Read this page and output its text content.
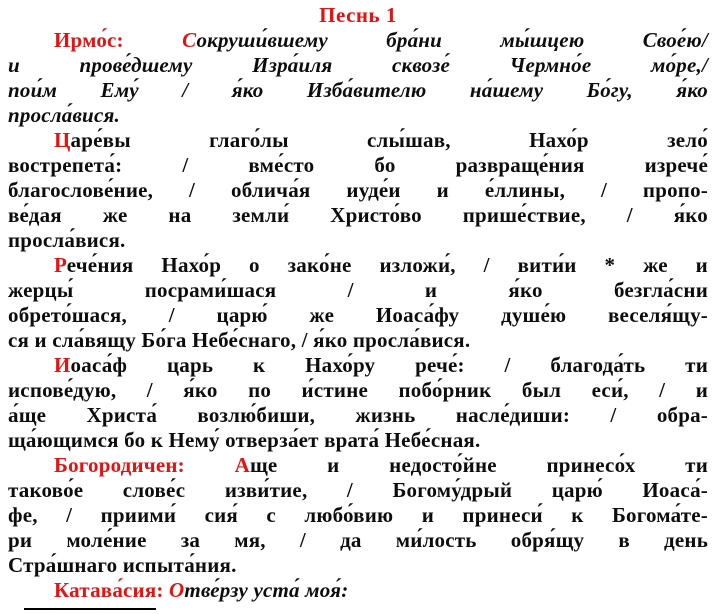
Песнь 1
Ирмо́с: Сокруши́вшему бра́ни мы́шцею Свое́ю/
и прове́дшему Изра́иля сквозе́ Чермно́е мо́ре,/
пои́м Ему́ / я́ко Изба́вителю на́шему Бо́гу, я́ко
просла́вися.
Царе́вы глаго́лы слы́шав, Нахо́р зело́
вострепета́: / вме́сто бо развраще́ния изрече́
благослове́ние, / облича́я иуде́и и е́ллины, / пропо-
ве́дая же на земли́ Христо́во прише́ствие, / я́ко
просла́вися.
Рече́ния Нахо́р о зако́не изложи́, / вити́и * же и
жерцы́ посрами́шася / и я́ко безгла́сни
обрето́шася, / царю́ же Иоаса́фу душе́ю веселя́щу-
ся и сла́вящу Бо́га Небе́снаго, / я́ко просла́вися.
Иоаса́ф царь к Нахо́ру рече́: / благода́ть ти
испове́дую, / я́ко по и́стине побо́рник был еси́, / и
а́ще Христа́ возлю́биши, жизнь насле́диши: / обра-
ща́ющимся бо к Нему́ отверза́ет врата́ Небе́сная.
Богородичен: Аще и недосто́йне принесо́х ти
таково́е слове́с изви́тие, / Богому́дрый царю́ Иоаса́-
фе, / приими́ сия́ с любо́вию и принеси́ к Богома́те-
ри моле́ние за мя, / да ми́лость обря́щу в день
Стра́шнаго испыта́ния.
Катава́сия: Отве́рзу уста́ моя́:
